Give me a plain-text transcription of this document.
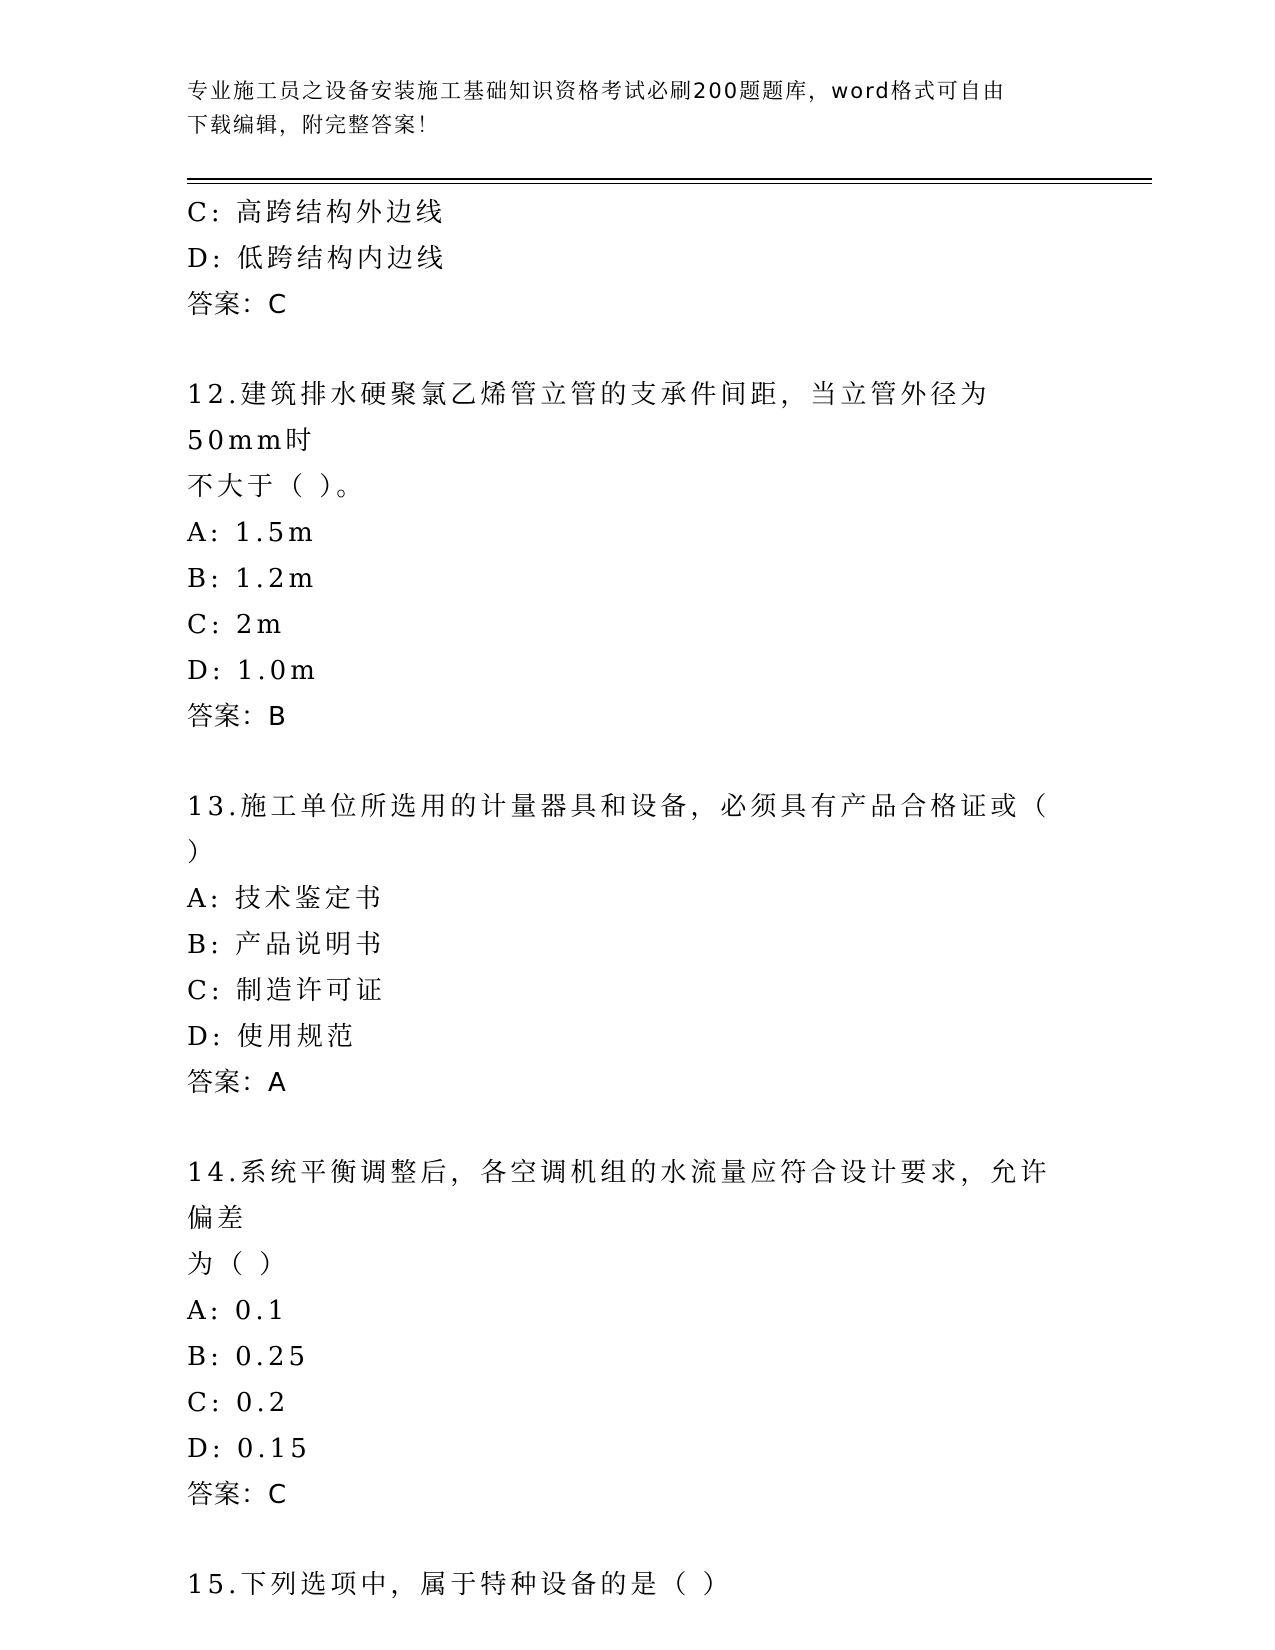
专业施工员之设备安装施工基础知识资格考试必刷200题题库，word格式可自由
下载编辑，附完整答案！
C: 高跨结构外边线
D: 低跨结构内边线
答案：C
12.建筑排水硬聚氯乙烯管立管的支承件间距，当立管外径为50mm时
不大于（ ）。
A: 1.5m
B: 1.2m
C: 2m
D: 1.0m
答案：B
13.施工单位所选用的计量器具和设备，必须具有产品合格证或（ ）
A: 技术鉴定书
B: 产品说明书
C: 制造许可证
D: 使用规范
答案：A
14.系统平衡调整后，各空调机组的水流量应符合设计要求，允许偏差
为（ ）
A: 0.1
B: 0.25
C: 0.2
D: 0.15
答案：C
15.下列选项中，属于特种设备的是（ ）
